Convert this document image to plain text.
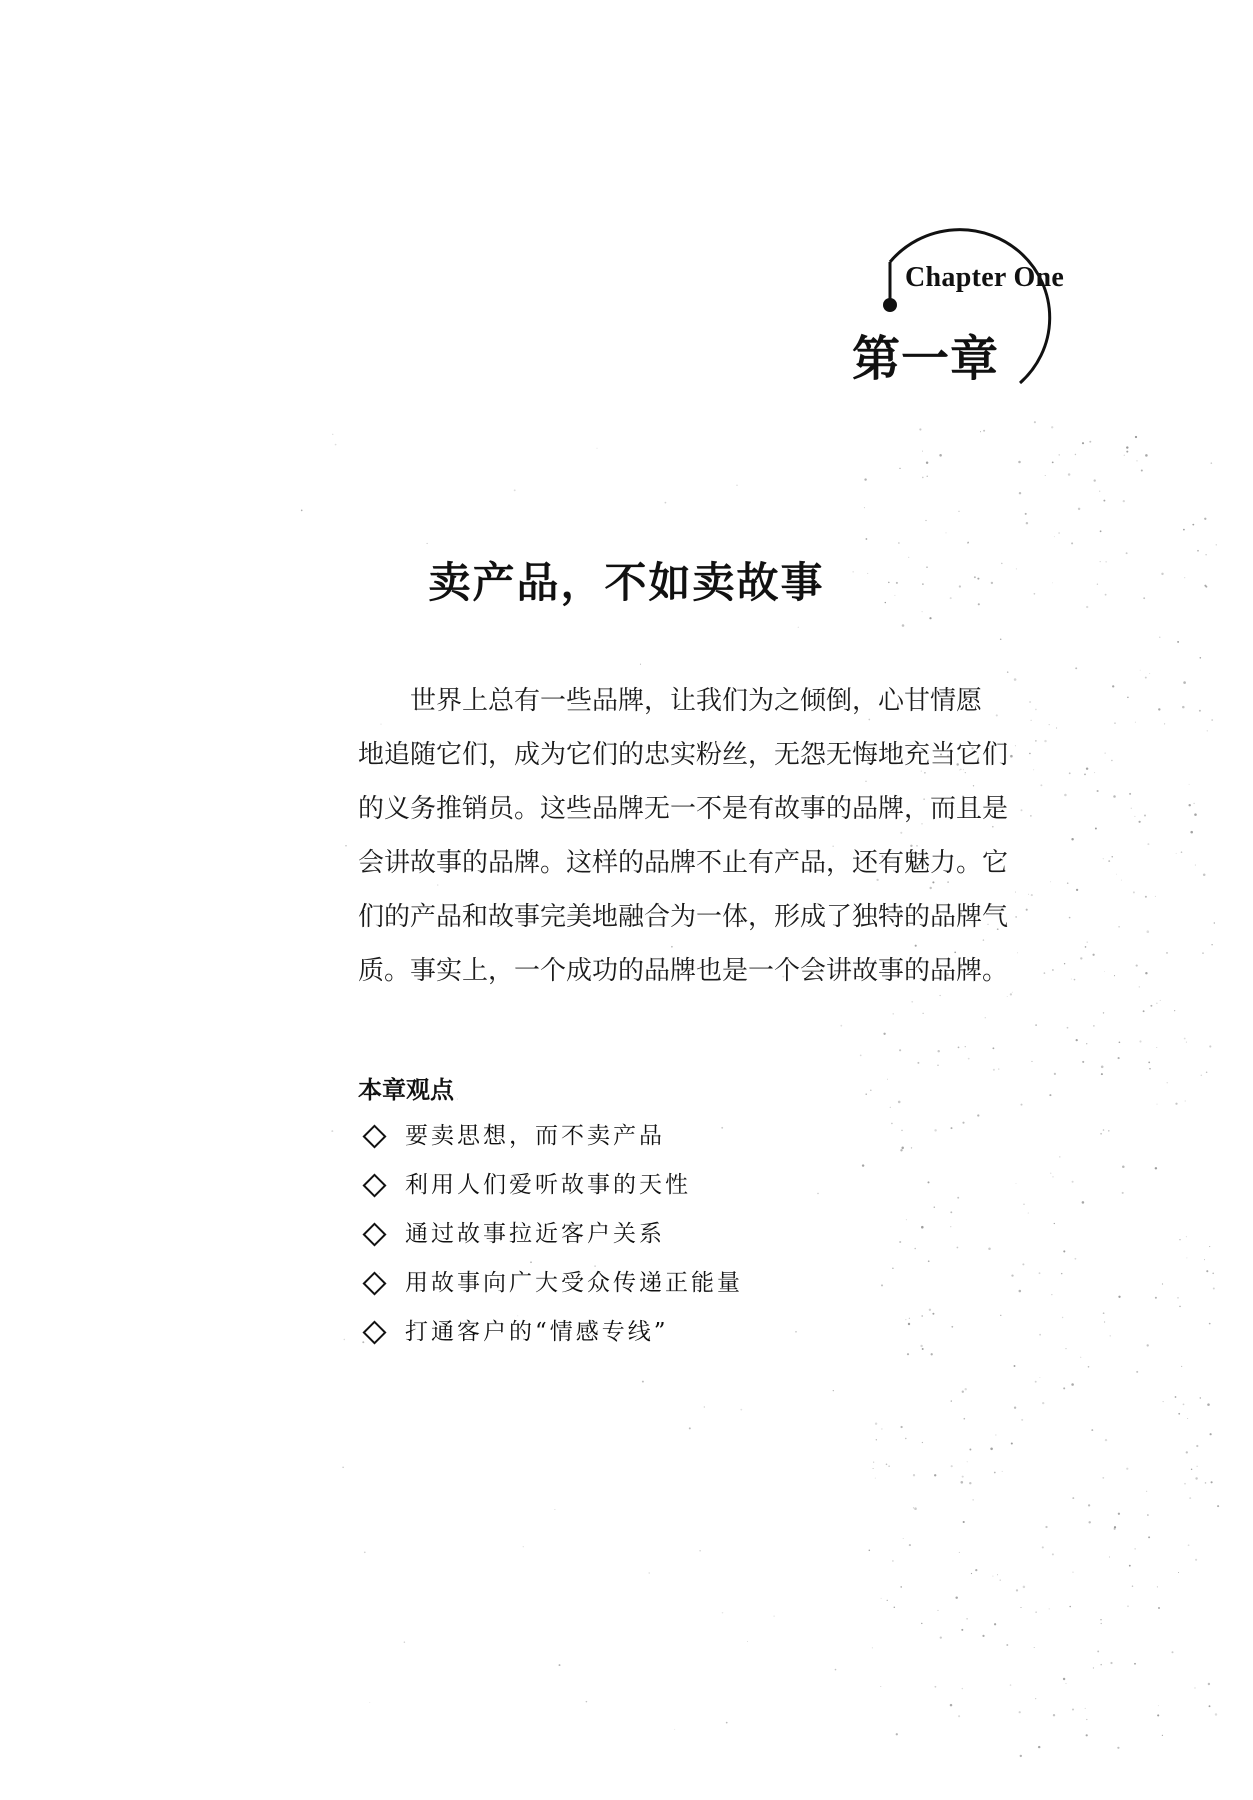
Chapter One
第一章
卖产品，不如卖故事
世界上总有一些品牌，让我们为之倾倒，心甘情愿
地追随它们，成为它们的忠实粉丝，无怨无悔地充当它们
的义务推销员。这些品牌无一不是有故事的品牌，而且是
会讲故事的品牌。这样的品牌不止有产品，还有魅力。它
们的产品和故事完美地融合为一体，形成了独特的品牌气
质。事实上，一个成功的品牌也是一个会讲故事的品牌。
本章观点
要卖思想，而不卖产品
利用人们爱听故事的天性
通过故事拉近客户关系
用故事向广大受众传递正能量
打通客户的“情感专线”
